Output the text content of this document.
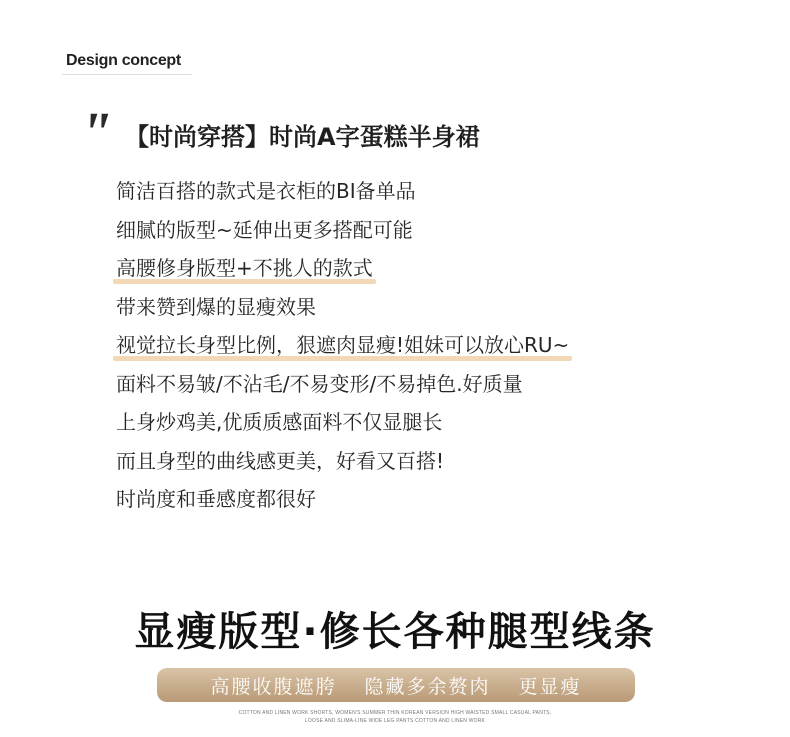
Design concept
" 【时尚穿搭】时尚A字蛋糕半身裙
简洁百搭的款式是衣柜的BI备单品
细腻的版型~延伸出更多搭配可能
高腰修身版型+不挑人的款式
带来赞到爆的显瘦效果
视觉拉长身型比例，狠遮肉显瘦!姐妹可以放心RU~
面料不易皱/不沾毛/不易变形/不易掉色.好质量
上身炒鸡美,优质质感面料不仅显腿长
而且身型的曲线感更美，好看又百搭!
时尚度和垂感度都很好
显瘦版型·修长各种腿型线条
高腰收腹遮胯 隐藏多余赘肉 更显瘦
COTTON AND LINEN WORK SHORTS, WOMEN'S SUMMER THIN KOREAN VERSION HIGH WAISTED SMALL CASUAL PANTS,
LOOSE AND SLIMA-LINE WIDE LEG PANTS COTTON AND LINEN WORK
